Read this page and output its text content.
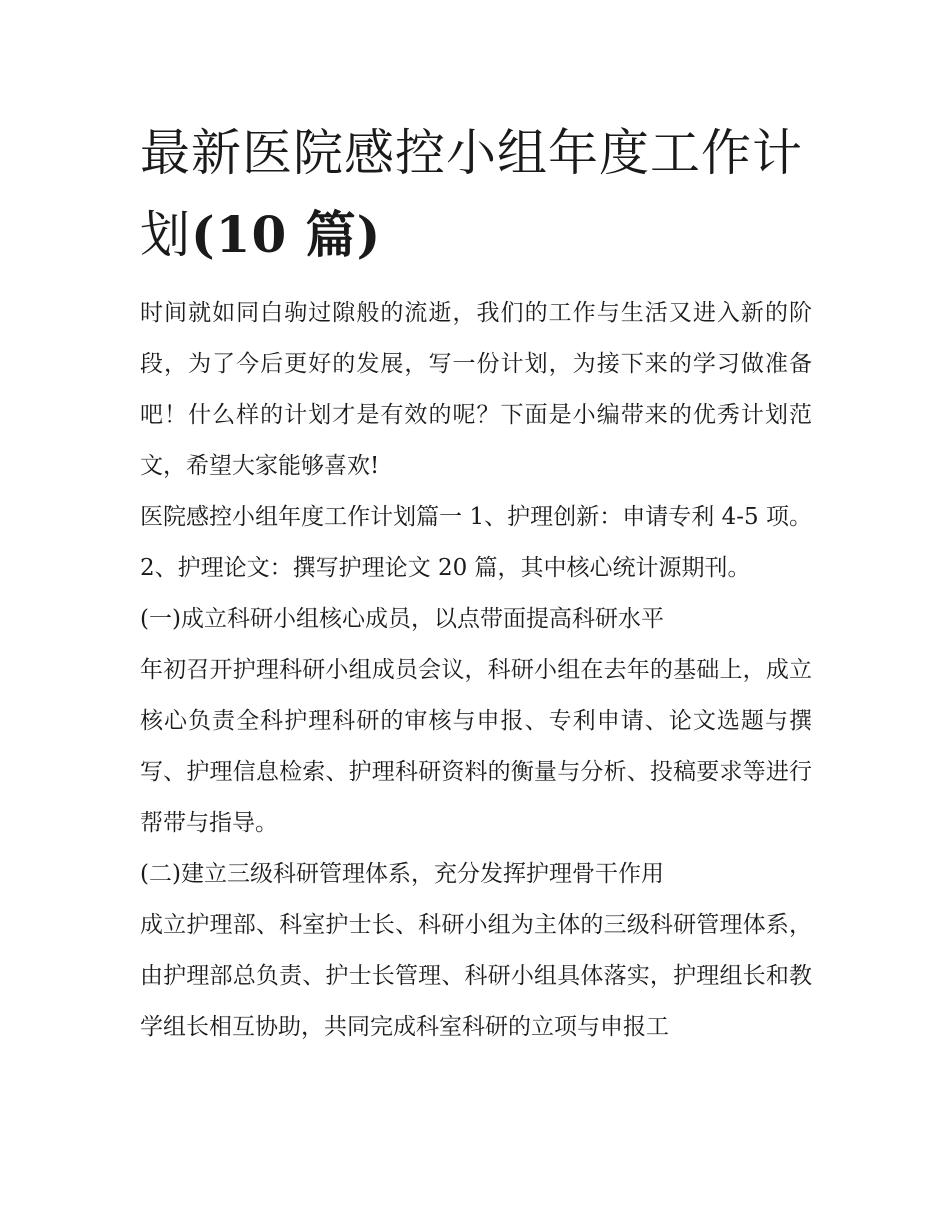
最新医院感控小组年度工作计划(10 篇)

时间就如同白驹过隙般的流逝，我们的工作与生活又进入新的阶段，为了今后更好的发展，写一份计划，为接下来的学习做准备吧！什么样的计划才是有效的呢？下面是小编带来的优秀计划范文，希望大家能够喜欢!

医院感控小组年度工作计划篇一 1、护理创新：申请专利 4-5 项。 2、护理论文：撰写护理论文 20 篇，其中核心统计源期刊。

(一)成立科研小组核心成员，以点带面提高科研水平

年初召开护理科研小组成员会议，科研小组在去年的基础上，成立核心负责全科护理科研的审核与申报、专利申请、论文选题与撰写、护理信息检索、护理科研资料的衡量与分析、投稿要求等进行帮带与指导。

(二)建立三级科研管理体系，充分发挥护理骨干作用

成立护理部、科室护士长、科研小组为主体的三级科研管理体系，由护理部总负责、护士长管理、科研小组具体落实，护理组长和教学组长相互协助，共同完成科室科研的立项与申报工
